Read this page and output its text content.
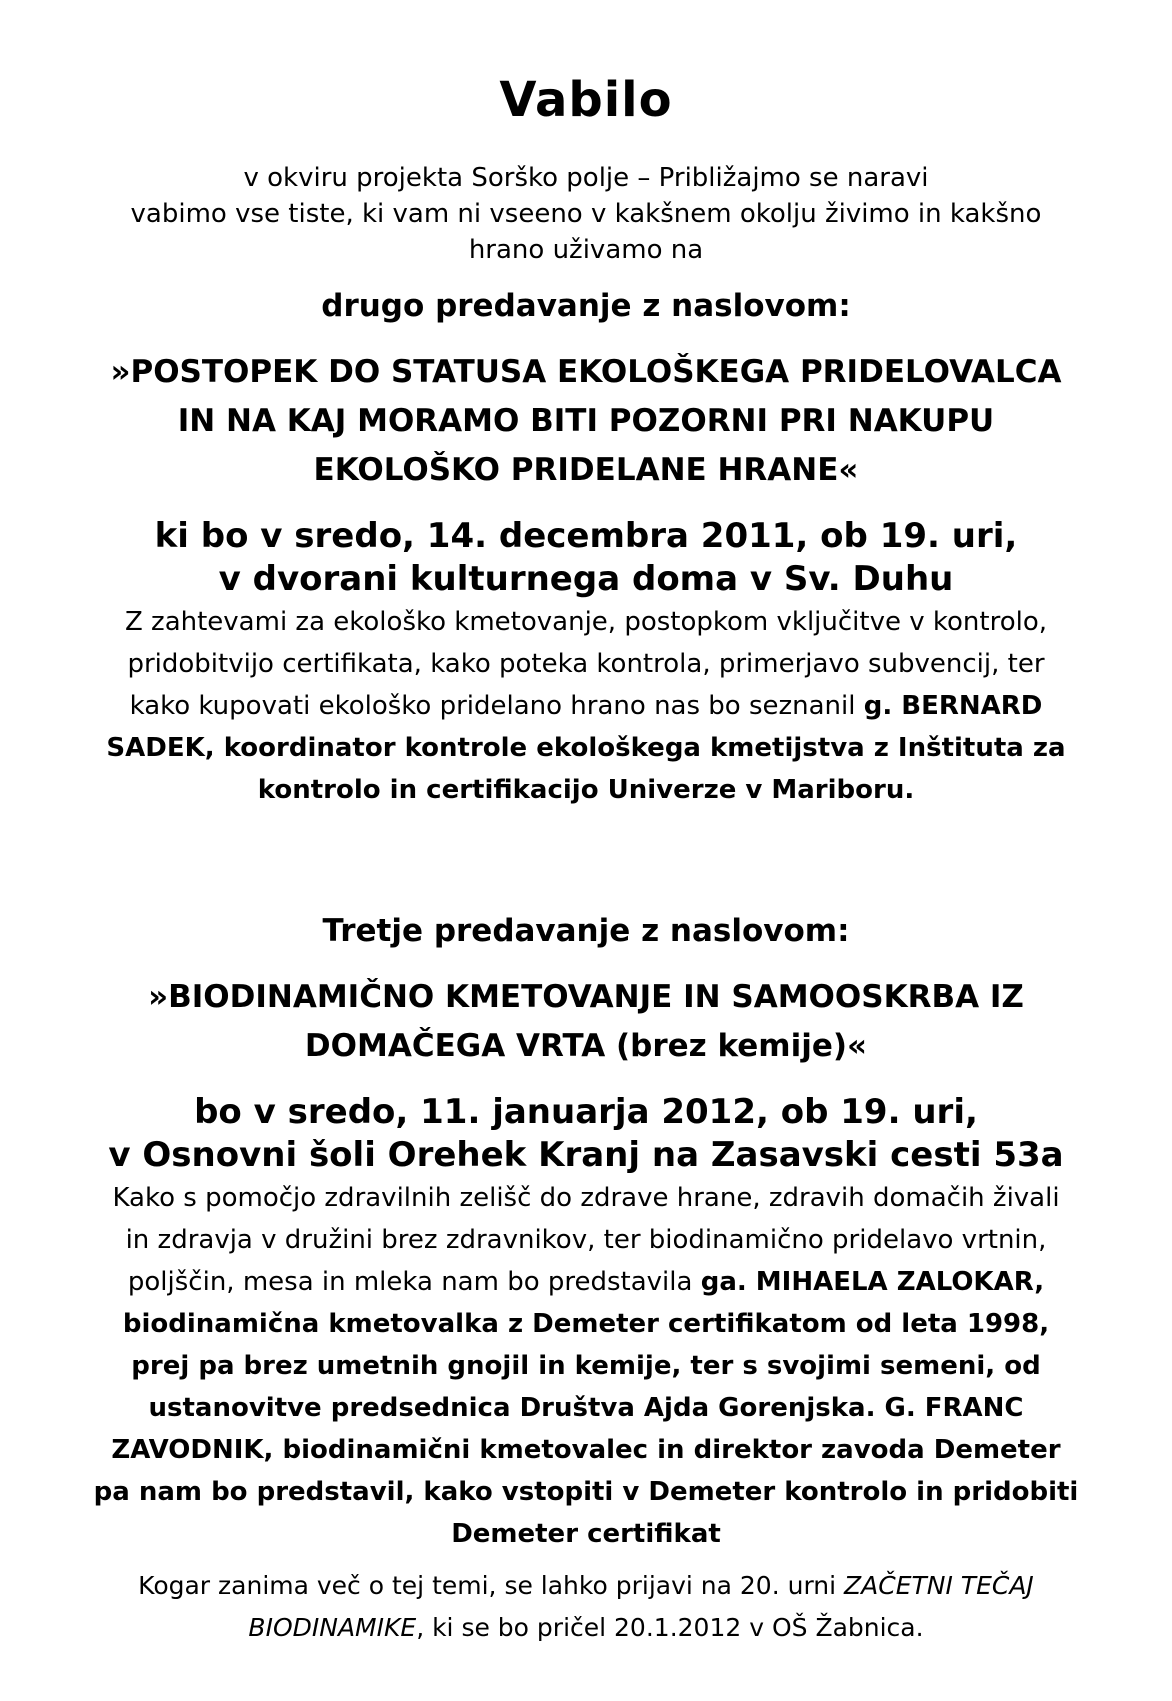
Vabilo

v okviru projekta Sorško polje – Približajmo se naravi
vabimo vse tiste, ki vam ni vseeno v kakšnem okolju živimo in kakšno
hrano uživamo na

drugo predavanje z naslovom:

»POSTOPEK DO STATUSA EKOLOŠKEGA PRIDELOVALCA
IN NA KAJ MORAMO BITI POZORNI PRI NAKUPU
EKOLOŠKO PRIDELANE HRANE«

ki bo v sredo, 14. decembra 2011, ob 19. uri,
v dvorani kulturnega doma v Sv. Duhu

Z zahtevami za ekološko kmetovanje, postopkom vključitve v kontrolo,
pridobitvijo certifikata, kako poteka kontrola, primerjavo subvencij, ter
kako kupovati ekološko pridelano hrano nas bo seznanil g. BERNARD
SADEK, koordinator kontrole ekološkega kmetijstva z Inštituta za
kontrolo in certifikacijo Univerze v Mariboru.

Tretje predavanje z naslovom:

»BIODINAMIČNO KMETOVANJE IN SAMOOSKRBA IZ
DOMAČEGA VRTA (brez kemije)«

bo v sredo, 11. januarja 2012, ob 19. uri,
v Osnovni šoli Orehek Kranj na Zasavski cesti 53a

Kako s pomočjo zdravilnih zelišč do zdrave hrane, zdravih domačih živali
in zdravja v družini brez zdravnikov, ter biodinamično pridelavo vrtnin,
poljščin, mesa in mleka nam bo predstavila ga. MIHAELA ZALOKAR,
biodinamična kmetovalka z Demeter certifikatom od leta 1998,
prej pa brez umetnih gnojil in kemije, ter s svojimi semeni, od
ustanovitve predsednica Društva Ajda Gorenjska. G. FRANC
ZAVODNIK, biodinamični kmetovalec in direktor zavoda Demeter
pa nam bo predstavil, kako vstopiti v Demeter kontrolo in pridobiti
Demeter certifikat

Kogar zanima več o tej temi, se lahko prijavi na 20. urni ZAČETNI TEČAJ
BIODINAMIKE, ki se bo pričel 20.1.2012 v OŠ Žabnica.
